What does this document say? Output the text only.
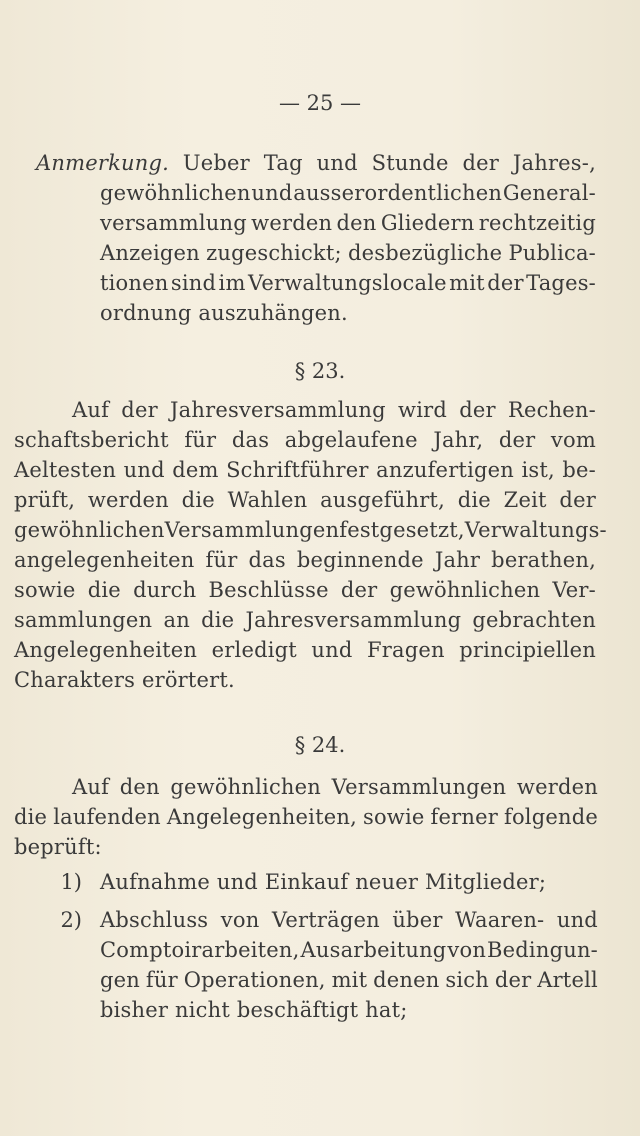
— 25 —
Anmerkung. Ueber Tag und Stunde der Jahres-,
gewöhnlichen und ausserordentlichen General-
versammlung werden den Gliedern rechtzeitig
Anzeigen zugeschickt; desbezügliche Publica-
tionen sind im Verwaltungslocale mit der Tages-
ordnung auszuhängen.
§ 23.
Auf der Jahresversammlung wird der Rechen-
schaftsbericht für das abgelaufene Jahr, der vom
Aeltesten und dem Schriftführer anzufertigen ist, be-
prüft, werden die Wahlen ausgeführt, die Zeit der
gewöhnlichen Versammlungen festgesetzt, Verwaltungs-
angelegenheiten für das beginnende Jahr berathen,
sowie die durch Beschlüsse der gewöhnlichen Ver-
sammlungen an die Jahresversammlung gebrachten
Angelegenheiten erledigt und Fragen principiellen
Charakters erörtert.
§ 24.
Auf den gewöhnlichen Versammlungen werden
die laufenden Angelegenheiten, sowie ferner folgende
beprüft:
1) Aufnahme und Einkauf neuer Mitglieder;
2) Abschluss von Verträgen über Waaren- und
Comptoirarbeiten, Ausarbeitung von Bedingun-
gen für Operationen, mit denen sich der Artell
bisher nicht beschäftigt hat;
